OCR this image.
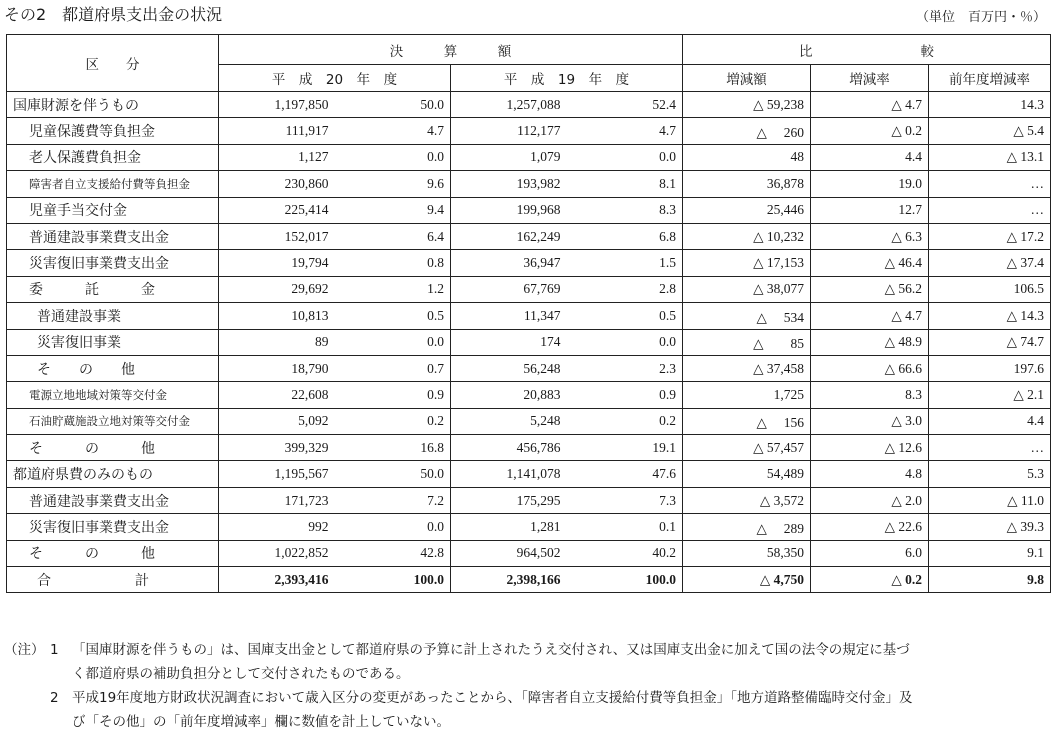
その2　都道府県支出金の状況	（単位　百万円・％）
区　　分	決　　　算　　　額				比　　　　　　　　較		
	平　成　20　年　度		平　成　19　年　度		増減額	増減率	前年度増減率
国庫財源を伴うもの	1,197,850	50.0	1,257,088	52.4	△ 59,238	△ 4.7	14.3
児童保護費等負担金	111,917	4.7	112,177	4.7	△　 260	△ 0.2	△ 5.4
老人保護費負担金	1,127	0.0	1,079	0.0	48	4.4	△ 13.1
障害者自立支援給付費等負担金	230,860	9.6	193,982	8.1	36,878	19.0	…
児童手当交付金	225,414	9.4	199,968	8.3	25,446	12.7	…
普通建設事業費支出金	152,017	6.4	162,249	6.8	△ 10,232	△ 6.3	△ 17.2
災害復旧事業費支出金	19,794	0.8	36,947	1.5	△ 17,153	△ 46.4	△ 37.4
委　　　託　　　金	29,692	1.2	67,769	2.8	△ 38,077	△ 56.2	106.5
普通建設事業	10,813	0.5	11,347	0.5	△　 534	△ 4.7	△ 14.3
災害復旧事業	89	0.0	174	0.0	△　　85	△ 48.9	△ 74.7
そ　　の　　他	18,790	0.7	56,248	2.3	△ 37,458	△ 66.6	197.6
電源立地地域対策等交付金	22,608	0.9	20,883	0.9	1,725	8.3	△ 2.1
石油貯蔵施設立地対策等交付金	5,092	0.2	5,248	0.2	△　 156	△ 3.0	4.4
そ　　　の　　　他	399,329	16.8	456,786	19.1	△ 57,457	△ 12.6	…
都道府県費のみのもの	1,195,567	50.0	1,141,078	47.6	54,489	4.8	5.3
普通建設事業費支出金	171,723	7.2	175,295	7.3	△ 3,572	△ 2.0	△ 11.0
災害復旧事業費支出金	992	0.0	1,281	0.1	△　 289	△ 22.6	△ 39.3
そ　　　の　　　他	1,022,852	42.8	964,502	40.2	58,350	6.0	9.1
合　　　　　　計	2,393,416	100.0	2,398,166	100.0	△ 4,750	△ 0.2	9.8
（注） 1 「国庫財源を伴うもの」は、国庫支出金として都道府県の予算に計上されたうえ交付され、又は国庫支出金に加えて国の法令の規定に基づ
く都道府県の補助負担分として交付されたものである。
2 平成19年度地方財政状況調査において歳入区分の変更があったことから、「障害者自立支援給付費等負担金」「地方道路整備臨時交付金」及
び「その他」の「前年度増減率」欄に数値を計上していない。
